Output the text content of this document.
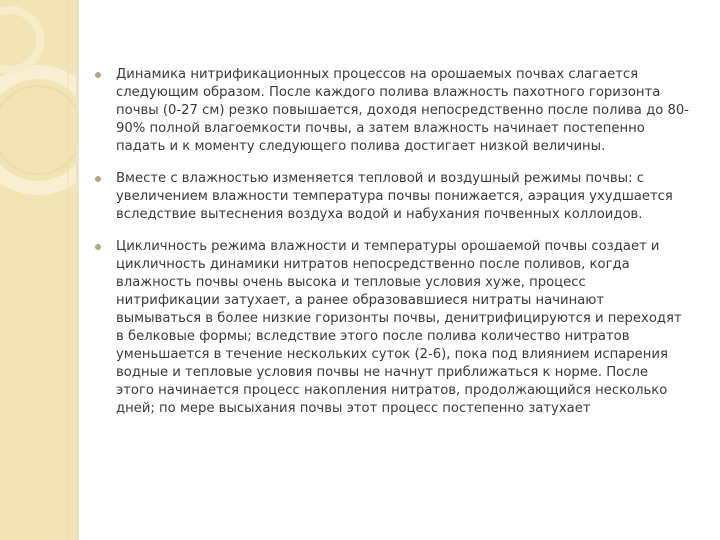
Динамика нитрификационных процессов на орошаемых почвах слагается следующим образом. После каждого полива влажность пахотного горизонта почвы (0-27 см) резко повышается, доходя непосредственно после полива до 80-90% полной влагоемкости почвы, а затем влажность начинает постепенно падать и к моменту следующего полива достигает низкой величины.
Вместе с влажностью изменяется тепловой и воздушный режимы почвы: с увеличением влажности температура почвы понижается, аэрация ухудшается вследствие вытеснения воздуха водой и набухания почвенных коллоидов.
Цикличность режима влажности и температуры орошаемой почвы создает и цикличность динамики нитратов непосредственно после поливов, когда влажность почвы очень высока и тепловые условия хуже, процесс нитрификации затухает, а ранее образовавшиеся нитраты начинают вымываться в более низкие горизонты почвы, денитрифицируются и переходят в белковые формы; вследствие этого после полива количество нитратов уменьшается в течение нескольких суток (2-6), пока под влиянием испарения водные и тепловые условия почвы не начнут приближаться к норме. После этого начинается процесс накопления нитратов, продолжающийся несколько дней; по мере высыхания почвы этот процесс постепенно затухает
